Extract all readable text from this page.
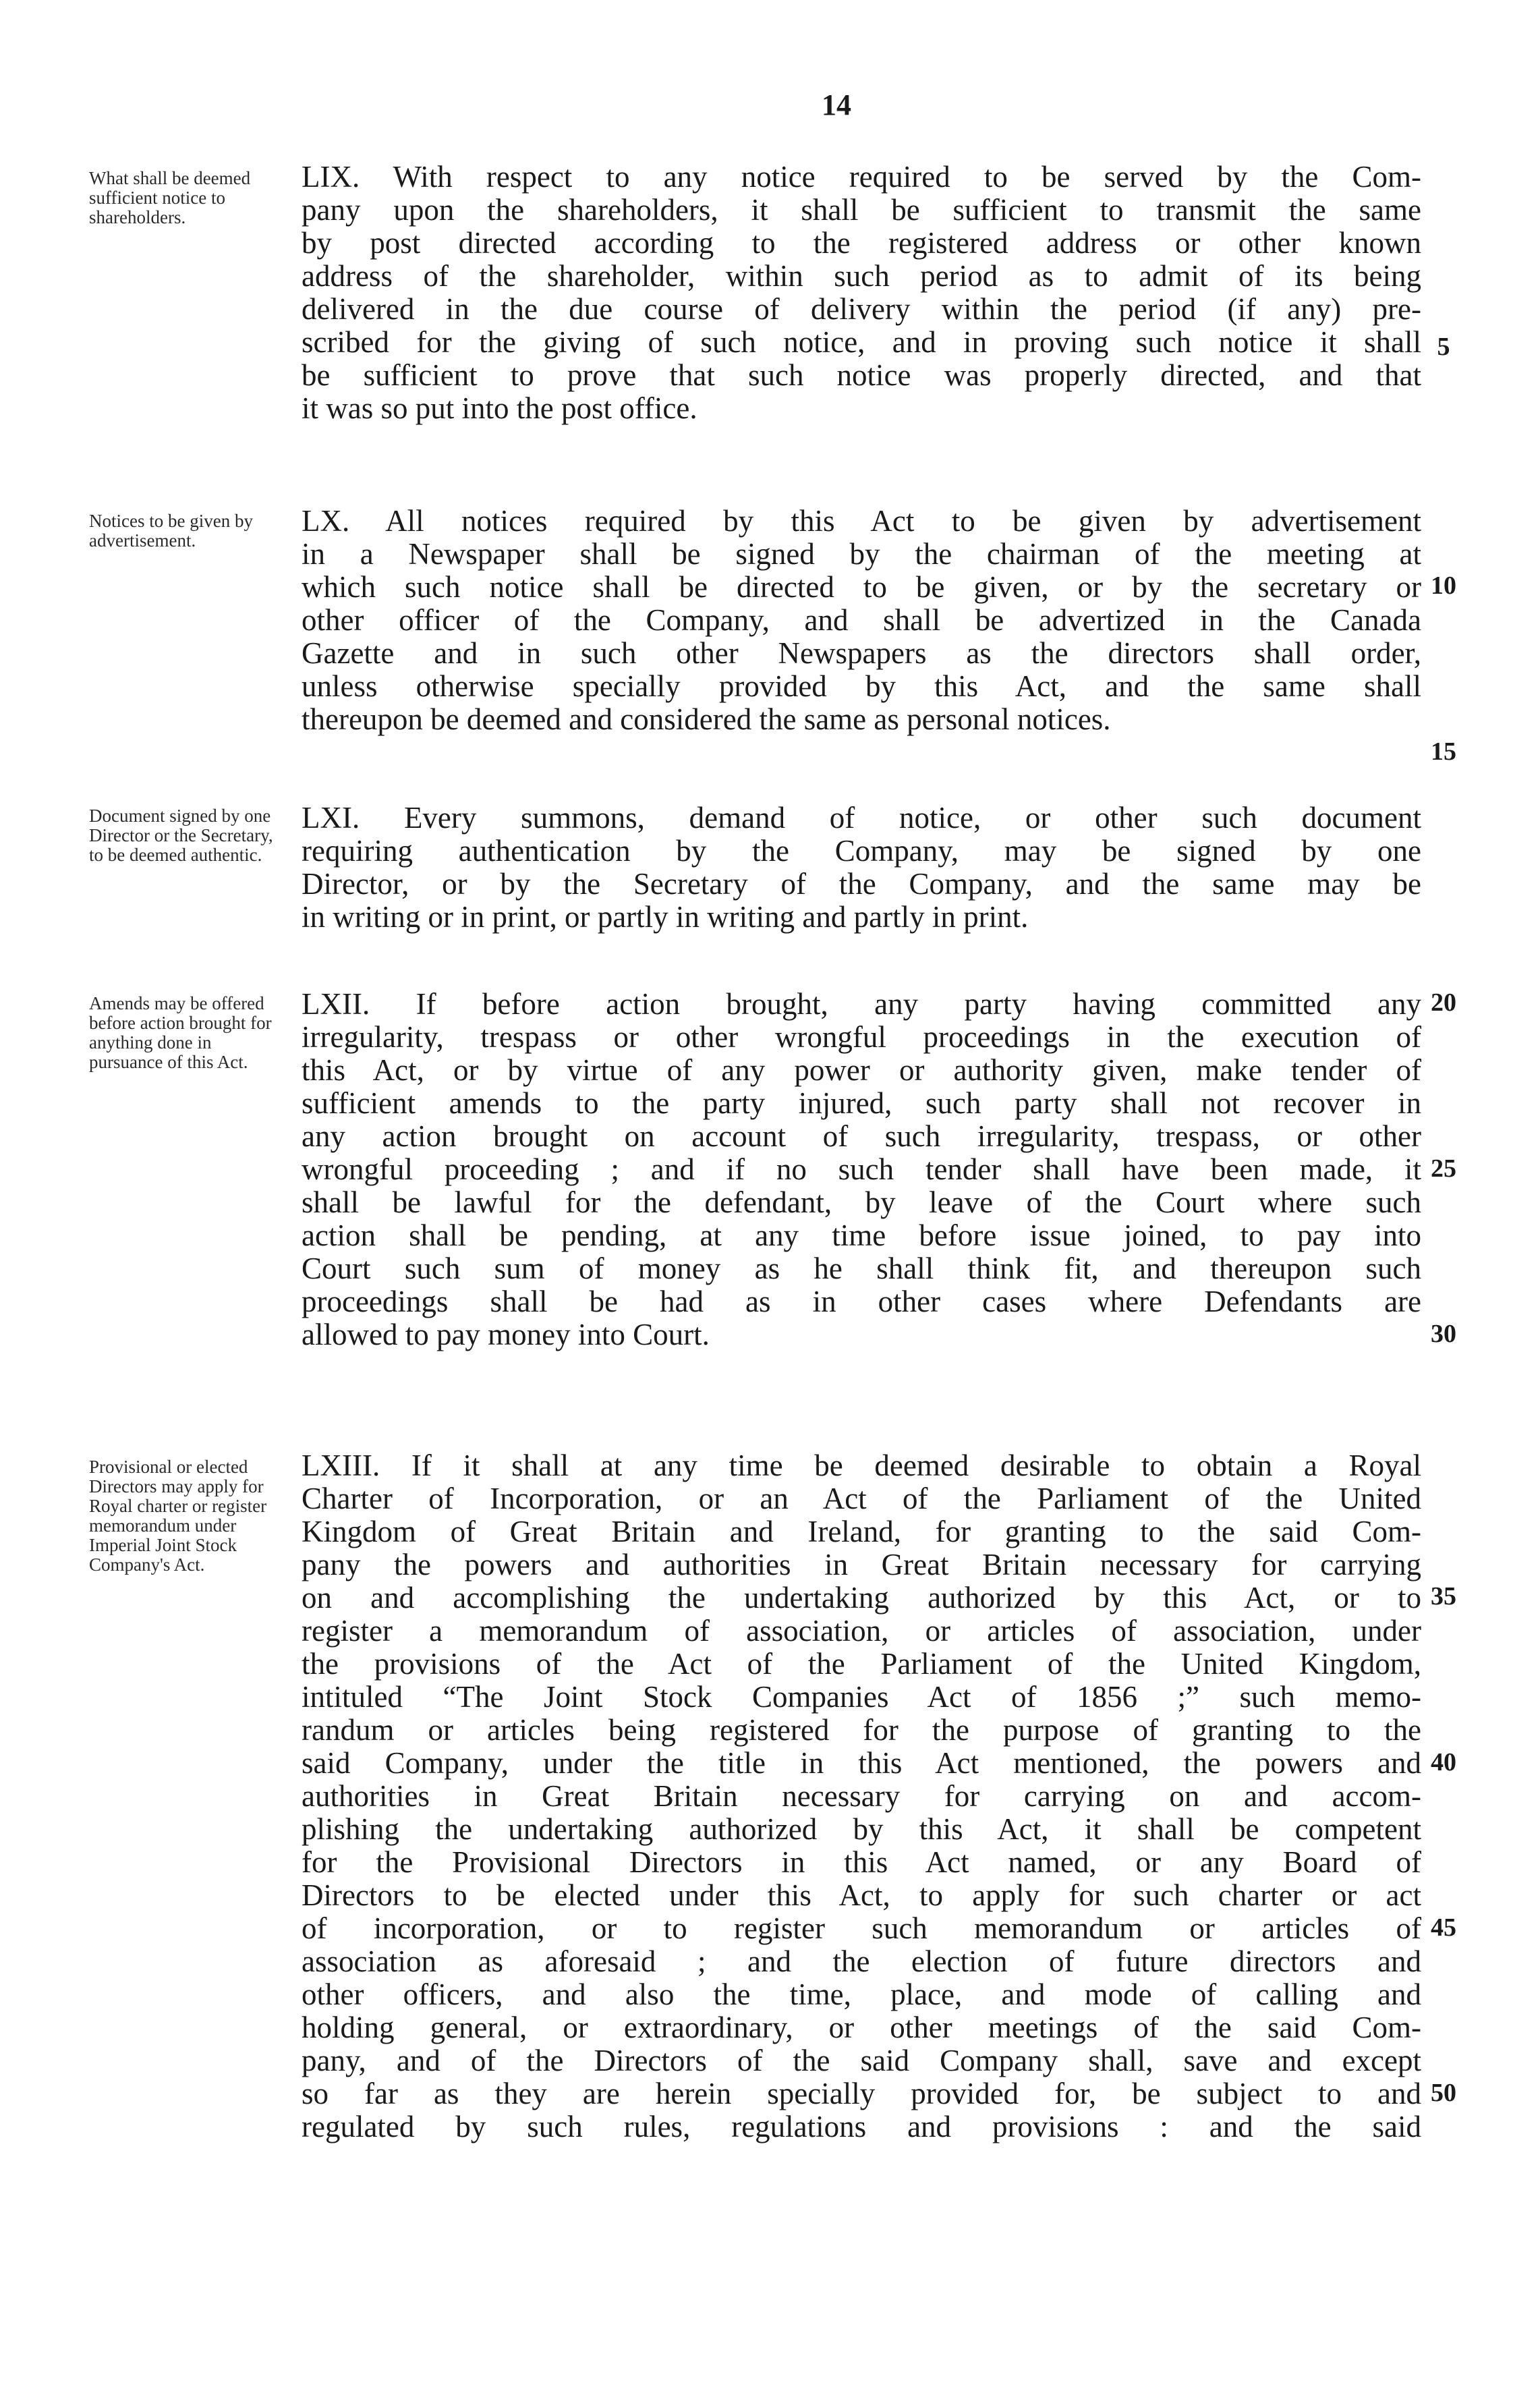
14
What shall be deemed sufficient notice to shareholders.
LIX. With respect to any notice required to be served by the Com-
pany upon the shareholders, it shall be sufficient to transmit the same
by post directed according to the registered address or other known
address of the shareholder, within such period as to admit of its being
delivered in the due course of delivery within the period (if any) pre-
scribed for the giving of such notice, and in proving such notice it shall
be sufficient to prove that such notice was properly directed, and that
it was so put into the post office.
Notices to be given by advertisement.
LX. All notices required by this Act to be given by advertisement
in a Newspaper shall be signed by the chairman of the meeting at
which such notice shall be directed to be given, or by the secretary or
other officer of the Company, and shall be advertized in the Canada
Gazette and in such other Newspapers as the directors shall order,
unless otherwise specially provided by this Act, and the same shall
thereupon be deemed and considered the same as personal notices.
Document signed by one Director or the Secretary, to be deemed authentic.
LXI. Every summons, demand of notice, or other such document
requiring authentication by the Company, may be signed by one
Director, or by the Secretary of the Company, and the same may be
in writing or in print, or partly in writing and partly in print.
Amends may be offered before action brought for anything done in pursuance of this Act.
LXII. If before action brought, any party having committed any
irregularity, trespass or other wrongful proceedings in the execution of
this Act, or by virtue of any power or authority given, make tender of
sufficient amends to the party injured, such party shall not recover in
any action brought on account of such irregularity, trespass, or other
wrongful proceeding ; and if no such tender shall have been made, it
shall be lawful for the defendant, by leave of the Court where such
action shall be pending, at any time before issue joined, to pay into
Court such sum of money as he shall think fit, and thereupon such
proceedings shall be had as in other cases where Defendants are
allowed to pay money into Court.
Provisional or elected Directors may apply for Royal charter or register memorandum under Imperial Joint Stock Company's Act.
LXIII. If it shall at any time be deemed desirable to obtain a Royal
Charter of Incorporation, or an Act of the Parliament of the United
Kingdom of Great Britain and Ireland, for granting to the said Com-
pany the powers and authorities in Great Britain necessary for carrying
on and accomplishing the undertaking authorized by this Act, or to
register a memorandum of association, or articles of association, under
the provisions of the Act of the Parliament of the United Kingdom,
intituled “The Joint Stock Companies Act of 1856 ;” such memo-
randum or articles being registered for the purpose of granting to the
said Company, under the title in this Act mentioned, the powers and
authorities in Great Britain necessary for carrying on and accom-
plishing the undertaking authorized by this Act, it shall be competent
for the Provisional Directors in this Act named, or any Board of
Directors to be elected under this Act, to apply for such charter or act
of incorporation, or to register such memorandum or articles of
association as aforesaid ; and the election of future directors and
other officers, and also the time, place, and mode of calling and
holding general, or extraordinary, or other meetings of the said Com-
pany, and of the Directors of the said Company shall, save and except
so far as they are herein specially provided for, be subject to and
regulated by such rules, regulations and provisions : and the said
5
10
15
20
25
30
35
40
45
50
